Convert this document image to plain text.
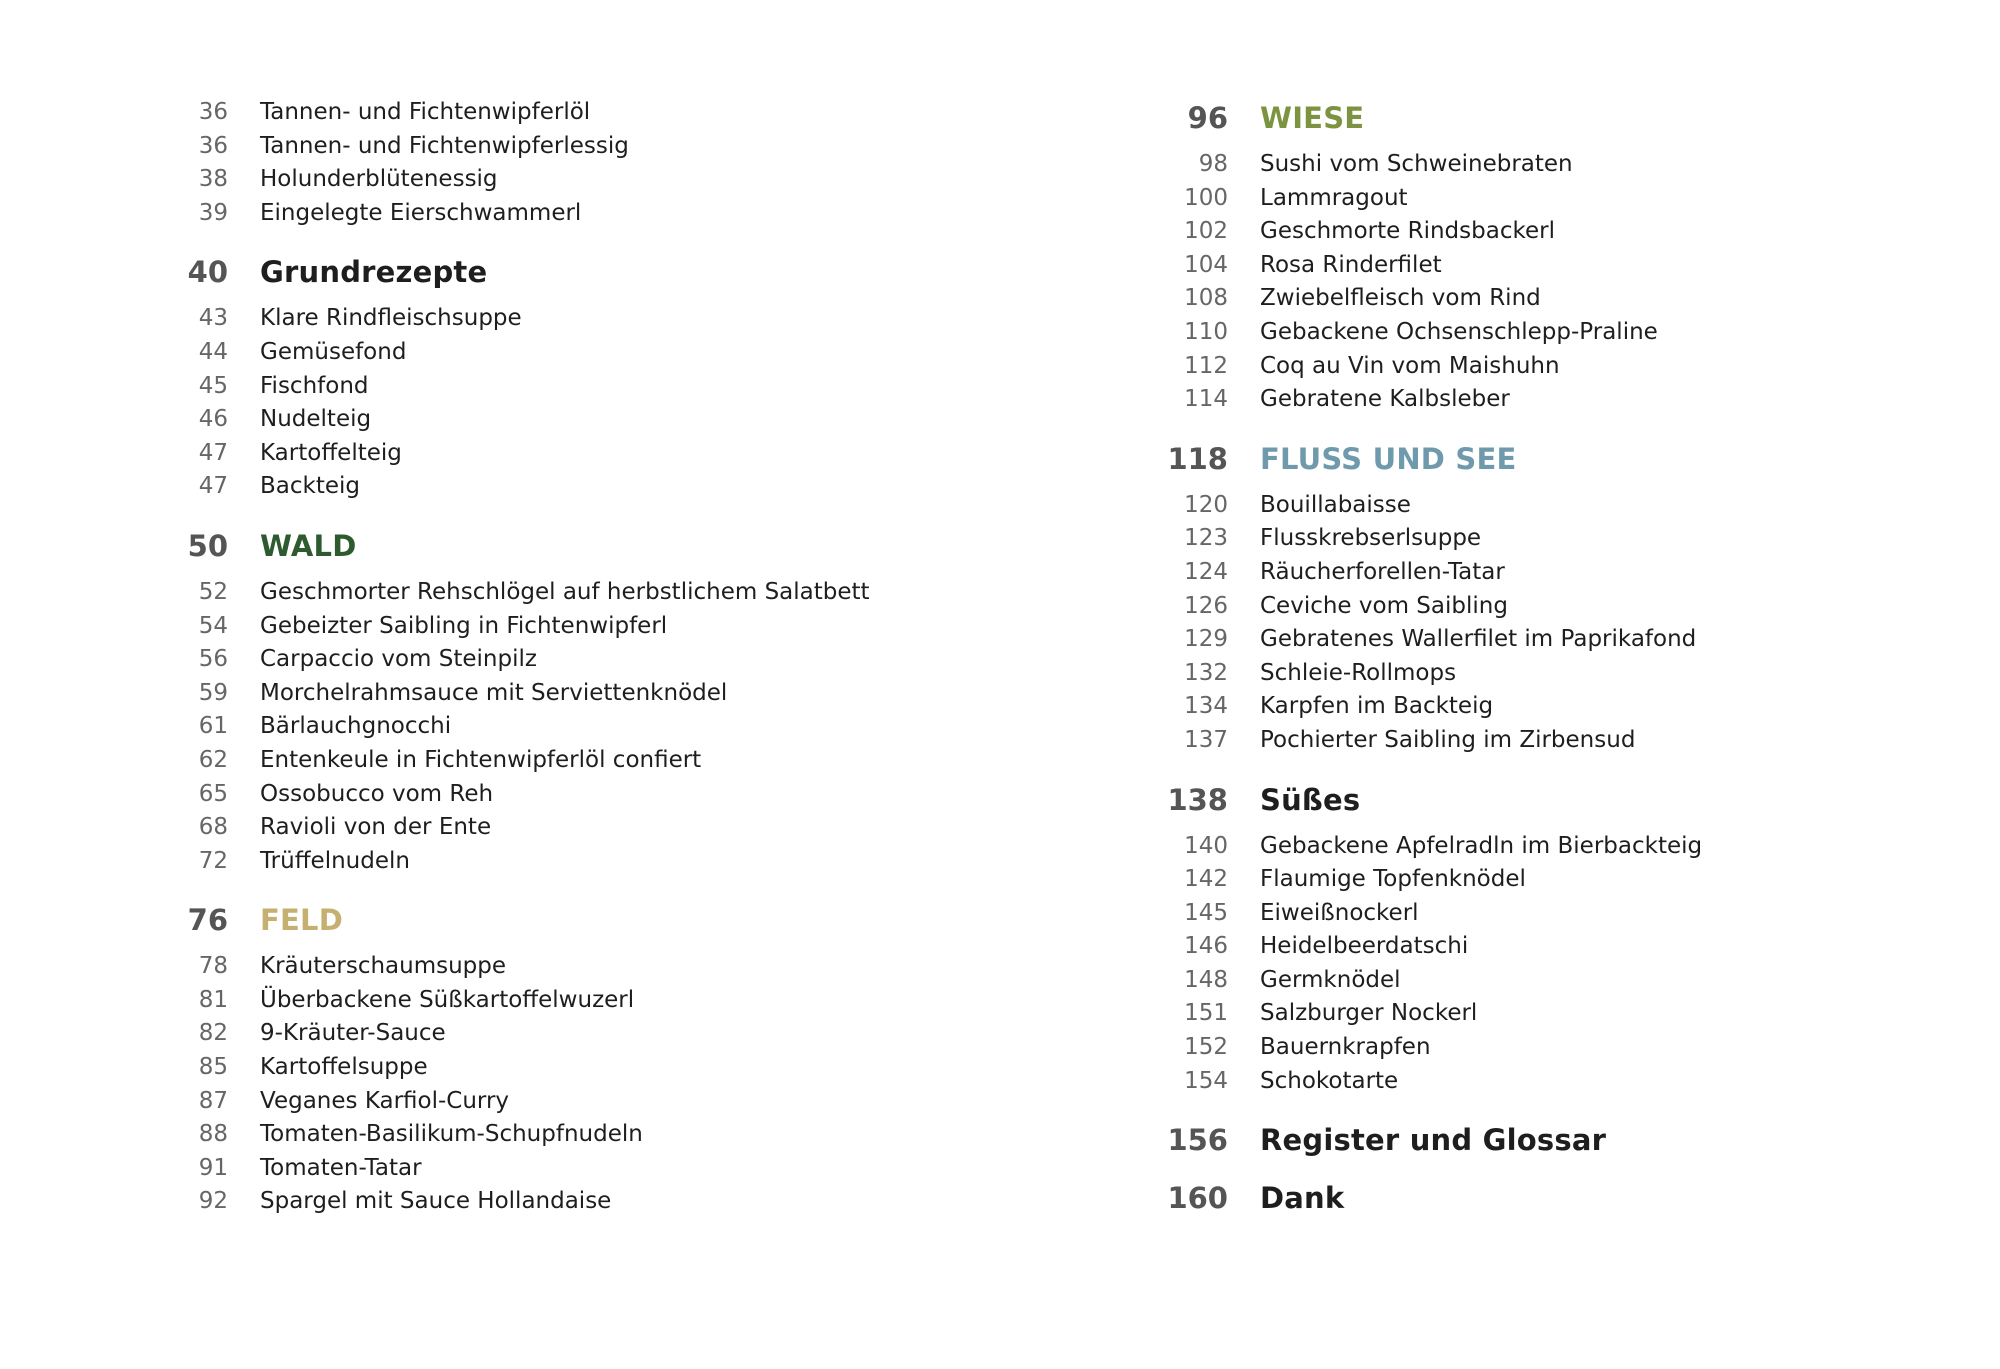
36 Tannen- und Fichtenwipferlöl
36 Tannen- und Fichtenwipferlessig
38 Holunderblütenessig
39 Eingelegte Eierschwammerl
40 Grundrezepte
43 Klare Rindfleischsuppe
44 Gemüsefond
45 Fischfond
46 Nudelteig
47 Kartoffelteig
47 Backteig
50 WALD
52 Geschmorter Rehschlögel auf herbstlichem Salatbett
54 Gebeizter Saibling in Fichtenwipferl
56 Carpaccio vom Steinpilz
59 Morchelrahmsauce mit Serviettenknödel
61 Bärlauchgnocchi
62 Entenkeule in Fichtenwipferlöl confiert
65 Ossobucco vom Reh
68 Ravioli von der Ente
72 Trüffelnudeln
76 FELD
78 Kräuterschaumsuppe
81 Überbackene Süßkartoffelwuzerl
82 9-Kräuter-Sauce
85 Kartoffelsuppe
87 Veganes Karfiol-Curry
88 Tomaten-Basilikum-Schupfnudeln
91 Tomaten-Tatar
92 Spargel mit Sauce Hollandaise
96 WIESE
98 Sushi vom Schweinebraten
100 Lammragout
102 Geschmorte Rindsbackerl
104 Rosa Rinderfilet
108 Zwiebelfleisch vom Rind
110 Gebackene Ochsenschlepp-Praline
112 Coq au Vin vom Maishuhn
114 Gebratene Kalbsleber
118 FLUSS UND SEE
120 Bouillabaisse
123 Flusskrebserlsuppe
124 Räucherforellen-Tatar
126 Ceviche vom Saibling
129 Gebratenes Wallerfilet im Paprikafond
132 Schleie-Rollmops
134 Karpfen im Backteig
137 Pochierter Saibling im Zirbensud
138 Süßes
140 Gebackene Apfelradln im Bierbackteig
142 Flaumige Topfenknödel
145 Eiweißnockerl
146 Heidelbeerdatschi
148 Germknödel
151 Salzburger Nockerl
152 Bauernkrapfen
154 Schokotarte
156 Register und Glossar
160 Dank
